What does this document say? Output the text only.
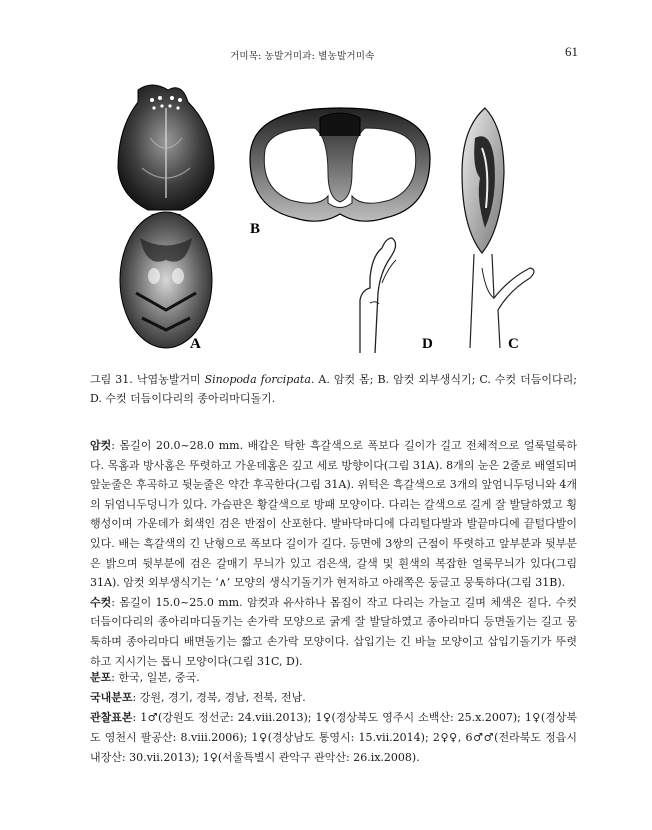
거미목: 농발거미과: 별농발거미속	61
A
B
D	C
그림 31. 낙엽농발거미 Sinopoda forcipata. A. 암컷 몸; B. 암컷 외부생식기; C. 수컷 더듬이다리; D. 수컷 더듬이다리의 종아리마디돌기.

암컷: 몸길이 20.0~28.0 mm. 배갑은 탁한 흑갈색으로 폭보다 길이가 길고 전체적으로 얼룩덜룩하다. 목홈과 방사홈은 뚜렷하고 가운데홈은 깊고 세로 방향이다(그림 31A). 8개의 눈은 2줄로 배열되며 앞눈줄은 후곡하고 뒷눈줄은 약간 후곡한다(그림 31A). 위턱은 흑갈색으로 3개의 앞엄니두덩니와 4개의 뒤엄니두덩니가 있다. 가슴판은 황갈색으로 방패 모양이다. 다리는 갈색으로 길게 잘 발달하였고 횡행성이며 가운데가 회색인 검은 반점이 산포한다. 발바닥마디에 다리털다발과 발끝마디에 끝털다발이 있다. 배는 흑갈색의 긴 난형으로 폭보다 길이가 길다. 등면에 3쌍의 근점이 뚜렷하고 앞부분과 뒷부분은 밝으며 뒷부분에 검은 갈매기 무늬가 있고 검은색, 갈색 및 흰색의 복잡한 얼룩무늬가 있다(그림 31A). 암컷 외부생식기는 ‘∧’ 모양의 생식기돌기가 현저하고 아래쪽은 둥글고 뭉툭하다(그림 31B).

수컷: 몸길이 15.0~25.0 mm. 암컷과 유사하나 몸집이 작고 다리는 가늘고 길며 체색은 짙다. 수컷 더듬이다리의 종아리마디돌기는 손가락 모양으로 굵게 잘 발달하였고 종아리마디 등면돌기는 길고 뭉툭하며 종아리마디 배면돌기는 짧고 손가락 모양이다. 삽입기는 긴 바늘 모양이고 삽입기돌기가 뚜렷하고 지시기는 톱니 모양이다(그림 31C, D).

분포: 한국, 일본, 중국.

국내분포: 강원, 경기, 경북, 경남, 전북, 전남.

관찰표본: 1♂(강원도 정선군: 24.viii.2013); 1♀(경상북도 영주시 소백산: 25.x.2007); 1♀(경상북도 영천시 팔공산: 8.viii.2006); 1♀(경상남도 통영시: 15.vii.2014); 2♀♀, 6♂♂(전라북도 정읍시 내장산: 30.vii.2013); 1♀(서울특별시 관악구 관악산: 26.ix.2008).
